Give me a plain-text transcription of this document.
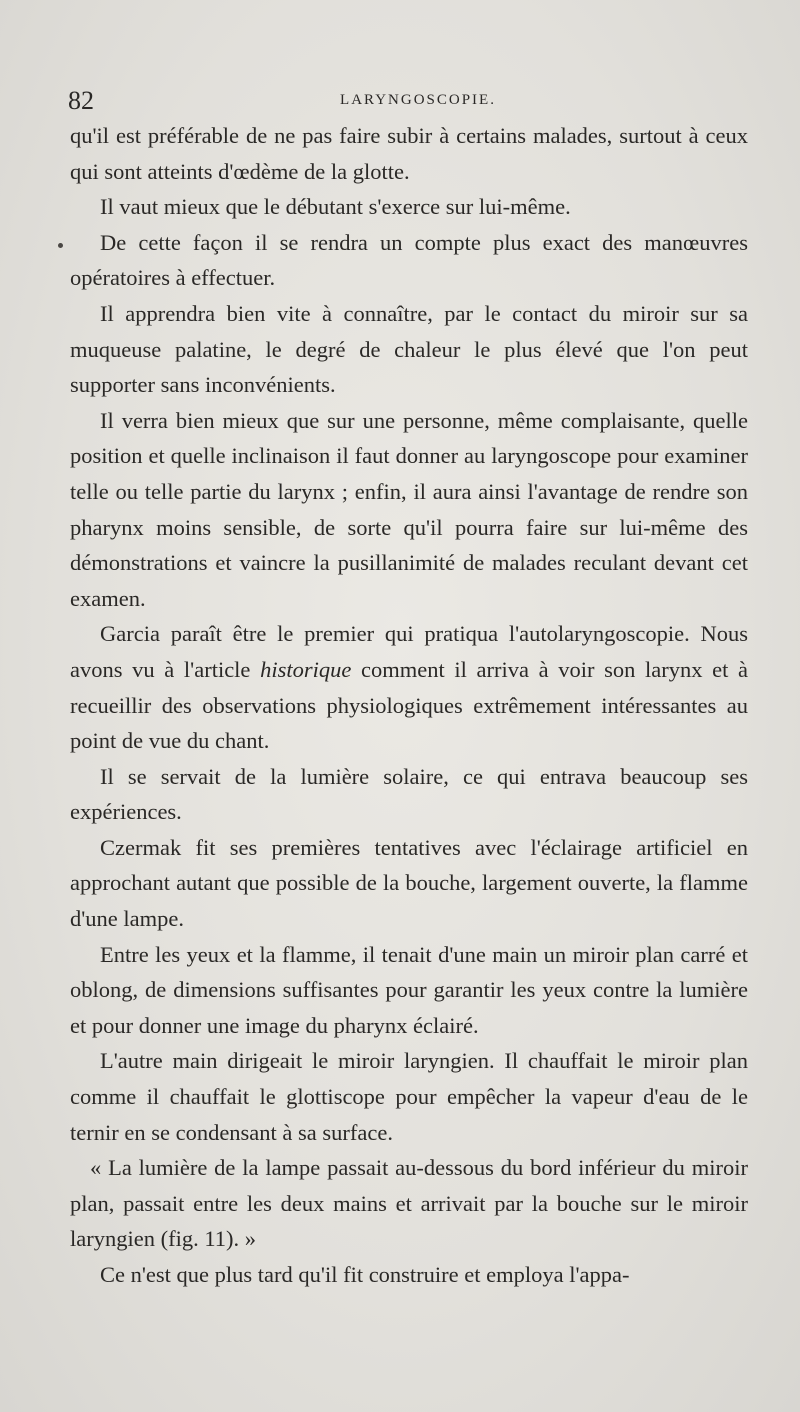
82	LARYNGOSCOPIE.

qu'il est préférable de ne pas faire subir à certains malades, surtout à ceux qui sont atteints d'œdème de la glotte.

Il vaut mieux que le débutant s'exerce sur lui-même.

De cette façon il se rendra un compte plus exact des manœuvres opératoires à effectuer.

Il apprendra bien vite à connaître, par le contact du miroir sur sa muqueuse palatine, le degré de chaleur le plus élevé que l'on peut supporter sans inconvénients.

Il verra bien mieux que sur une personne, même complaisante, quelle position et quelle inclinaison il faut donner au laryngoscope pour examiner telle ou telle partie du larynx ; enfin, il aura ainsi l'avantage de rendre son pharynx moins sensible, de sorte qu'il pourra faire sur lui-même des démonstrations et vaincre la pusillanimité de malades reculant devant cet examen.

Garcia paraît être le premier qui pratiqua l'autolaryngoscopie. Nous avons vu à l'article historique comment il arriva à voir son larynx et à recueillir des observations physiologiques extrêmement intéressantes au point de vue du chant.

Il se servait de la lumière solaire, ce qui entrava beaucoup ses expériences.

Czermak fit ses premières tentatives avec l'éclairage artificiel en approchant autant que possible de la bouche, largement ouverte, la flamme d'une lampe.

Entre les yeux et la flamme, il tenait d'une main un miroir plan carré et oblong, de dimensions suffisantes pour garantir les yeux contre la lumière et pour donner une image du pharynx éclairé.

L'autre main dirigeait le miroir laryngien. Il chauffait le miroir plan comme il chauffait le glottiscope pour empêcher la vapeur d'eau de le ternir en se condensant à sa surface.

« La lumière de la lampe passait au-dessous du bord inférieur du miroir plan, passait entre les deux mains et arrivait par la bouche sur le miroir laryngien (fig. 11). »

Ce n'est que plus tard qu'il fit construire et employa l'appa-
